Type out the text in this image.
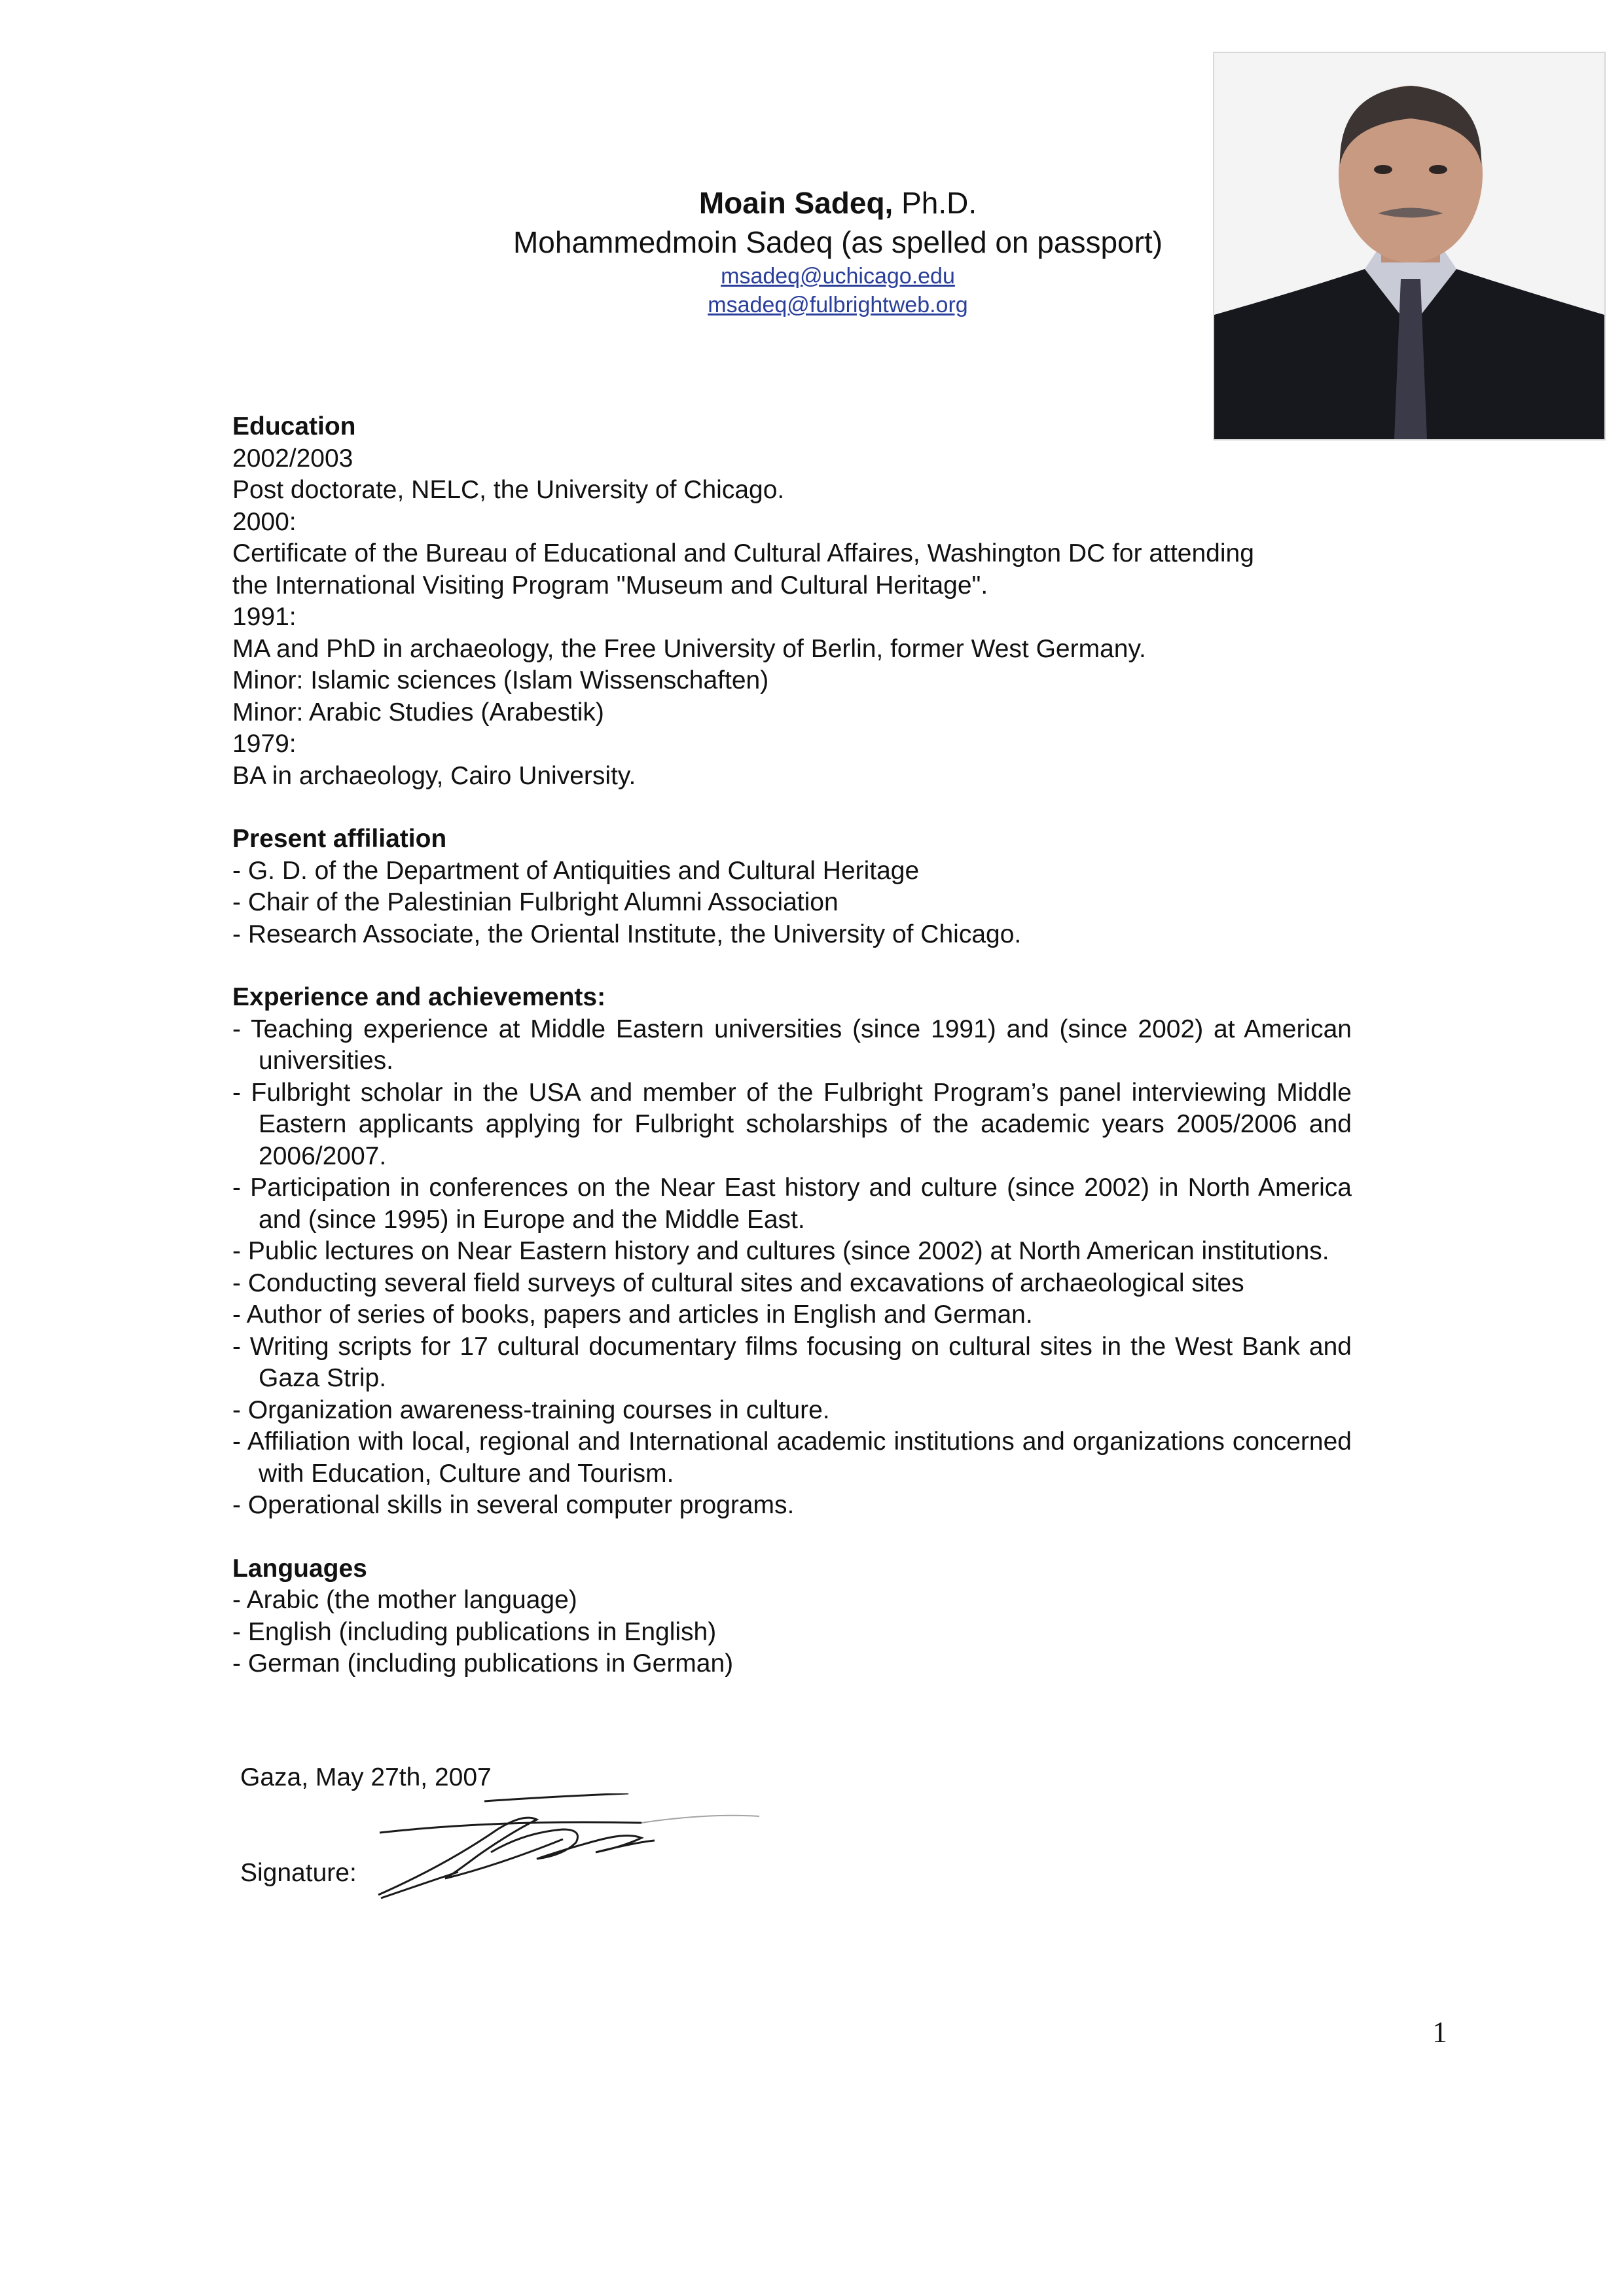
Moain Sadeq, Ph.D.
Mohammedmoin Sadeq (as spelled on passport)
msadeq@uchicago.edu
msadeq@fulbrightweb.org
Education
2002/2003
Post doctorate, NELC, the University of Chicago.
2000:
Certificate of the Bureau of Educational and Cultural Affaires, Washington DC for attending
the International Visiting Program "Museum and Cultural Heritage".
1991:
MA and PhD in archaeology, the Free University of Berlin, former West Germany.
Minor: Islamic sciences (Islam Wissenschaften)
Minor: Arabic Studies (Arabestik)
1979:
BA in archaeology, Cairo University.
Present affiliation
- G. D. of the Department of Antiquities and Cultural Heritage
- Chair of the Palestinian Fulbright Alumni Association
- Research Associate, the Oriental Institute, the University of Chicago.
Experience and achievements:
- Teaching experience at Middle Eastern universities (since 1991) and (since 2002) at American universities.
- Fulbright scholar in the USA and member of the Fulbright Program’s panel interviewing Middle Eastern applicants applying for Fulbright scholarships of the academic years 2005/2006 and 2006/2007.
- Participation in conferences on the Near East history and culture (since 2002) in North America and (since 1995) in Europe and the Middle East.
- Public lectures on Near Eastern history and cultures (since 2002) at North American institutions.
- Conducting several field surveys of cultural sites and excavations of archaeological sites
- Author of series of books, papers and articles in English and German.
- Writing scripts for 17 cultural documentary films focusing on cultural sites in the West Bank and Gaza Strip.
- Organization awareness-training courses in culture.
- Affiliation with local, regional and International academic institutions and organizations concerned with Education, Culture and Tourism.
- Operational skills in several computer programs.
Languages
- Arabic (the mother language)
- English (including publications in English)
- German (including publications in German)
Gaza, May 27th, 2007
Signature:
1
